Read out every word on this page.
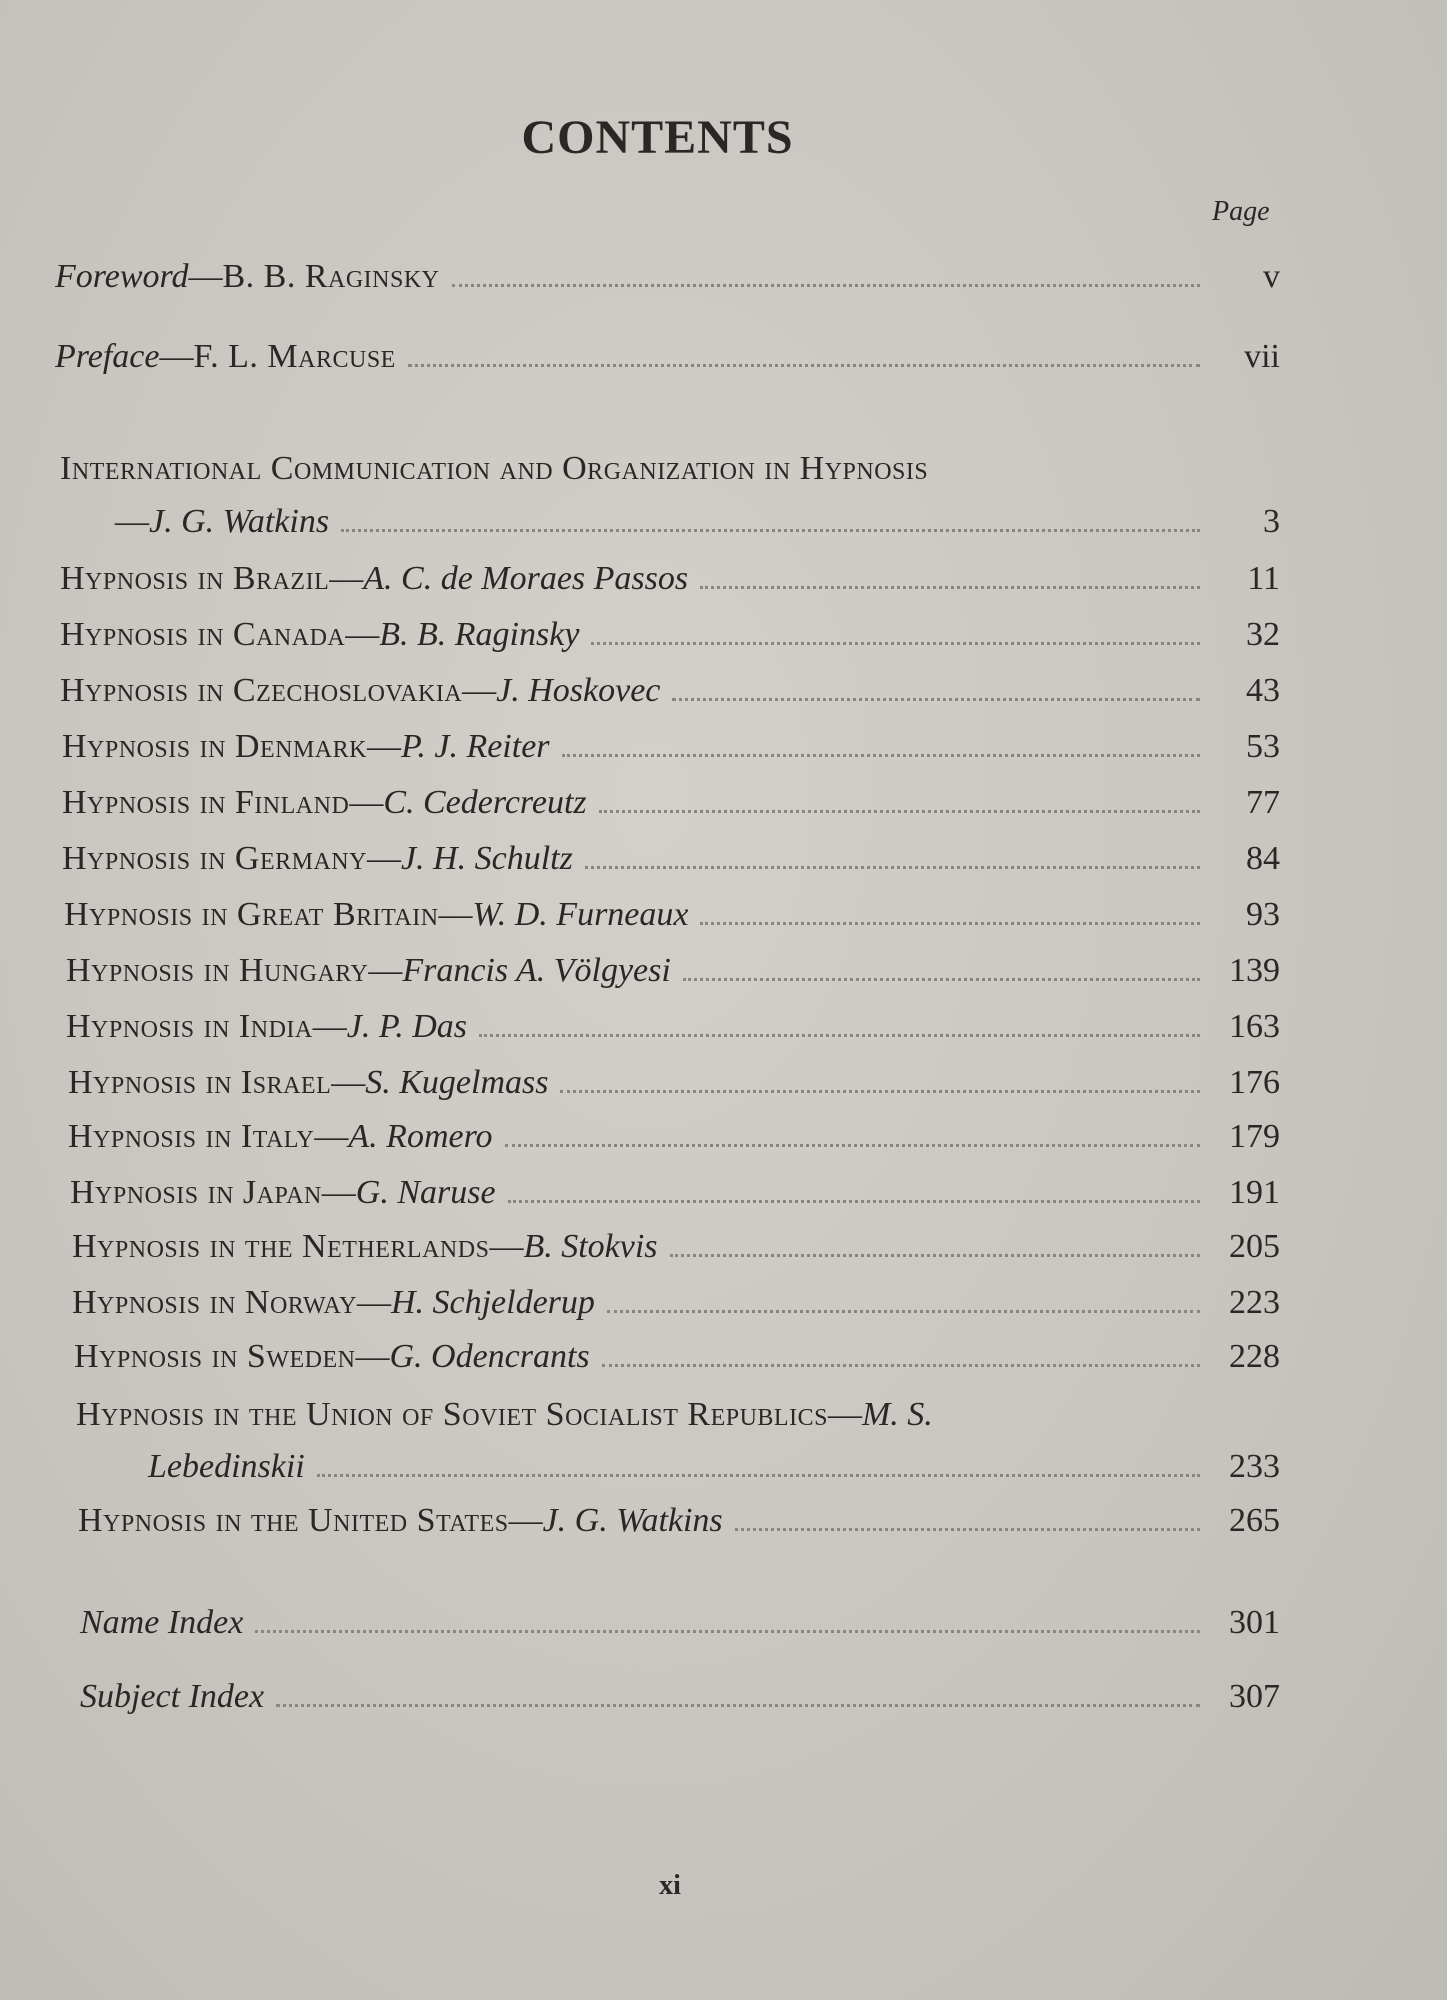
CONTENTS
Page
Foreword—B. B. Raginsky	v
Preface—F. L. Marcuse	vii
International Communication and Organization in Hypnosis
—J. G. Watkins	3
Hypnosis in Brazil—A. C. de Moraes Passos	11
Hypnosis in Canada—B. B. Raginsky	32
Hypnosis in Czechoslovakia—J. Hoskovec	43
Hypnosis in Denmark—P. J. Reiter	53
Hypnosis in Finland—C. Cedercreutz	77
Hypnosis in Germany—J. H. Schultz	84
Hypnosis in Great Britain—W. D. Furneaux	93
Hypnosis in Hungary—Francis A. Völgyesi	139
Hypnosis in India—J. P. Das	163
Hypnosis in Israel—S. Kugelmass	176
Hypnosis in Italy—A. Romero	179
Hypnosis in Japan—G. Naruse	191
Hypnosis in the Netherlands—B. Stokvis	205
Hypnosis in Norway—H. Schjelderup	223
Hypnosis in Sweden—G. Odencrants	228
Hypnosis in the Union of Soviet Socialist Republics—M. S.
Lebedinskii	233
Hypnosis in the United States—J. G. Watkins	265
Name Index	301
Subject Index	307
xi
